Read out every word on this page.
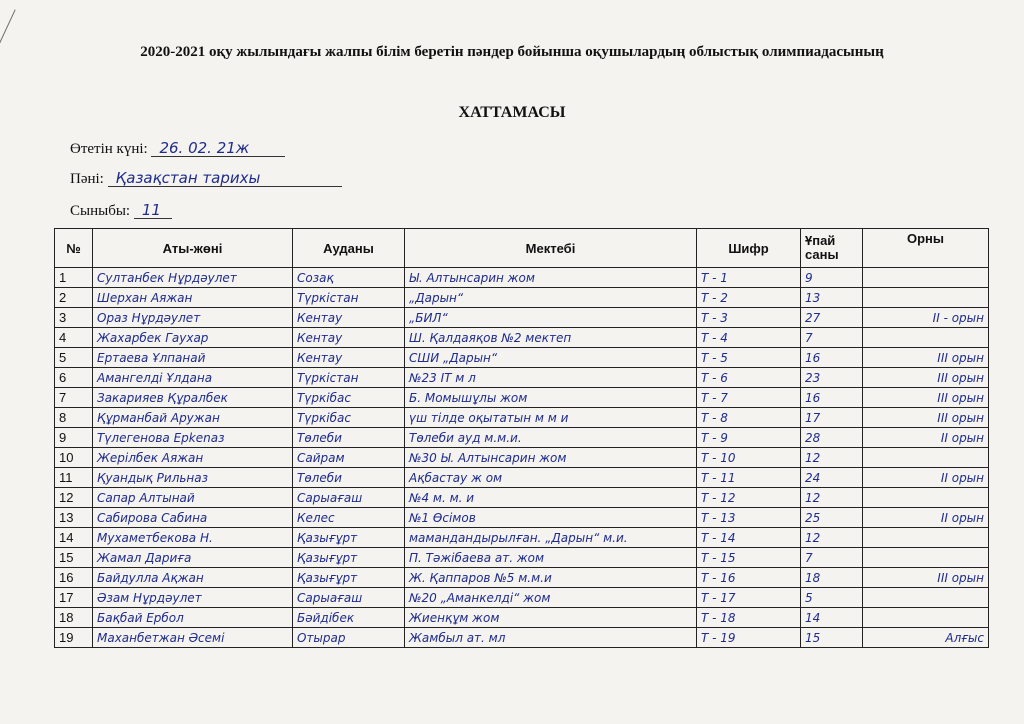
2020-2021 оқу жылындағы жалпы білім беретін пәндер бойынша оқушылардың облыстық олимпиадасының
ХАТТАМАСЫ
Өтетін күні: 26. 02. 21ж
Пәні: Қазақстан тарихы
Сыныбы: 11
№	Аты-жөні	Ауданы	Мектебі	Шифр	Ұпай саны	Орны
1	Султанбек Нұрдәулет	Созақ	Ы. Алтынсарин жом	Т - 1	9	
2	Шерхан Аяжан	Түркістан	„Дарын“	Т - 2	13	
3	Ораз Нұрдәулет	Кентау	„БИЛ“	Т - 3	27	II - орын
4	Жахарбек Гаухар	Кентау	Ш. Қалдаяқов №2 мектеп	Т - 4	7	
5	Ертаева Ұлпанай	Кентау	СШИ „Дарын“	Т - 5	16	III орын
6	Амангелді Ұлдана	Түркістан	№23 IT м л	Т - 6	23	III орын
7	Закарияев Құралбек	Түркібас	Б. Момышұлы жом	Т - 7	16	III орын
8	Құрманбай Аружан	Түркібас	үш тілде оқытатын м м и	Т - 8	17	III орын
9	Түлегенова Ерkеnaз	Төлеби	Төлеби ауд м.м.и.	Т - 9	28	II орын
10	Жерілбек Аяжан	Сайрам	№30 Ы. Алтынсарин жом	Т - 10	12	
11	Қуандық Рильназ	Төлеби	Ақбастау ж ом	Т - 11	24	II орын
12	Сапар Алтынай	Сарыағаш	№4 м. м. и	Т - 12	12	
13	Сабирова Сабина	Келес	№1 Өсімов	Т - 13	25	II орын
14	Мухаметбекова Н.	Қазығұрт	мамандандырылған. „Дарын“ м.и.	Т - 14	12	
15	Жамал Дариға	Қазығұрт	П. Тәжібаева ат. жом	Т - 15	7	
16	Байдулла Ақжан	Қазығұрт	Ж. Қаппаров №5 м.м.и	Т - 16	18	III орын
17	Әзам Нұрдәулет	Сарыағаш	№20 „Аманкелді“ жом	Т - 17	5	
18	Бақбай Ербол	Бәйдібек	Жиенқұм жом	Т - 18	14	
19	Маханбетжан Әсемі	Отырар	Жамбыл ат. мл	Т - 19	15	Алғыс
